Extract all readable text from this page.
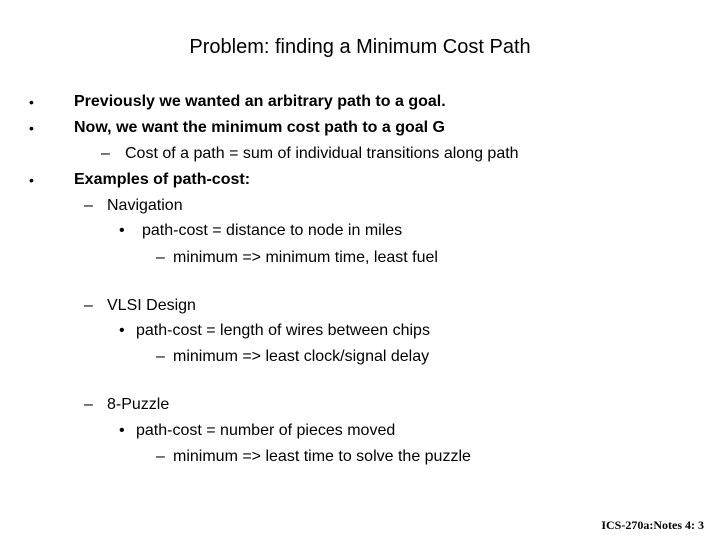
Problem: finding a Minimum Cost Path
•	Previously we wanted an arbitrary path to a goal.
•	Now, we want the minimum cost path to a goal G
– Cost of a path = sum of individual transitions along path
•	Examples of path-cost:
– Navigation
• path-cost = distance to node in miles
– minimum => minimum time, least fuel
– VLSI Design
• path-cost = length of wires between chips
– minimum => least clock/signal delay
– 8-Puzzle
• path-cost = number of pieces moved
– minimum => least time to solve the puzzle
ICS-270a:Notes 4: 3
